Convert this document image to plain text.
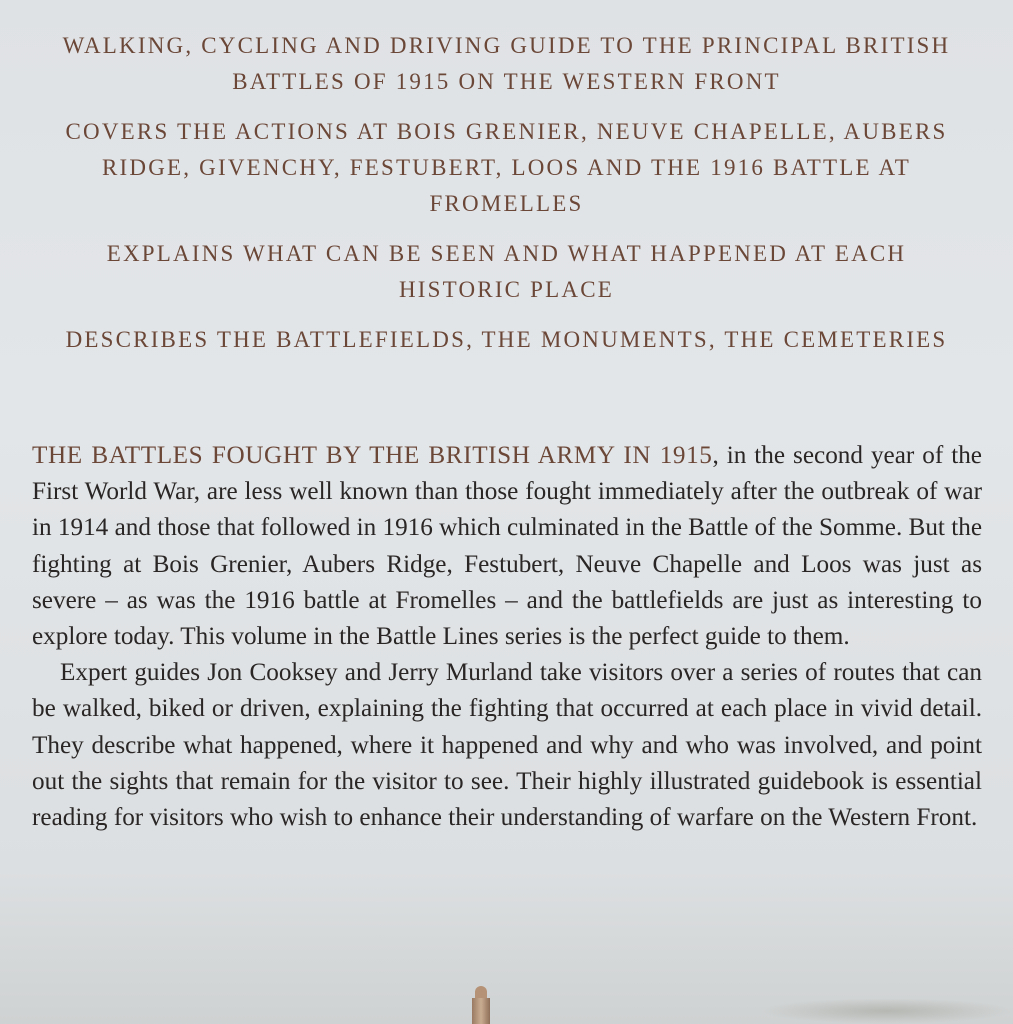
WALKING, CYCLING AND DRIVING GUIDE TO THE PRINCIPAL BRITISH BATTLES OF 1915 ON THE WESTERN FRONT
COVERS THE ACTIONS AT BOIS GRENIER, NEUVE CHAPELLE, AUBERS RIDGE, GIVENCHY, FESTUBERT, LOOS AND THE 1916 BATTLE AT FROMELLES
EXPLAINS WHAT CAN BE SEEN AND WHAT HAPPENED AT EACH HISTORIC PLACE
DESCRIBES THE BATTLEFIELDS, THE MONUMENTS, THE CEMETERIES

THE BATTLES FOUGHT BY THE BRITISH ARMY IN 1915, in the second year of the First World War, are less well known than those fought immediately after the outbreak of war in 1914 and those that followed in 1916 which culminated in the Battle of the Somme. But the fighting at Bois Grenier, Aubers Ridge, Festubert, Neuve Chapelle and Loos was just as severe – as was the 1916 battle at Fromelles – and the battlefields are just as interesting to explore today. This volume in the Battle Lines series is the perfect guide to them.

Expert guides Jon Cooksey and Jerry Murland take visitors over a series of routes that can be walked, biked or driven, explaining the fighting that occurred at each place in vivid detail. They describe what happened, where it happened and why and who was involved, and point out the sights that remain for the visitor to see. Their highly illustrated guidebook is essential reading for visitors who wish to enhance their understanding of warfare on the Western Front.
